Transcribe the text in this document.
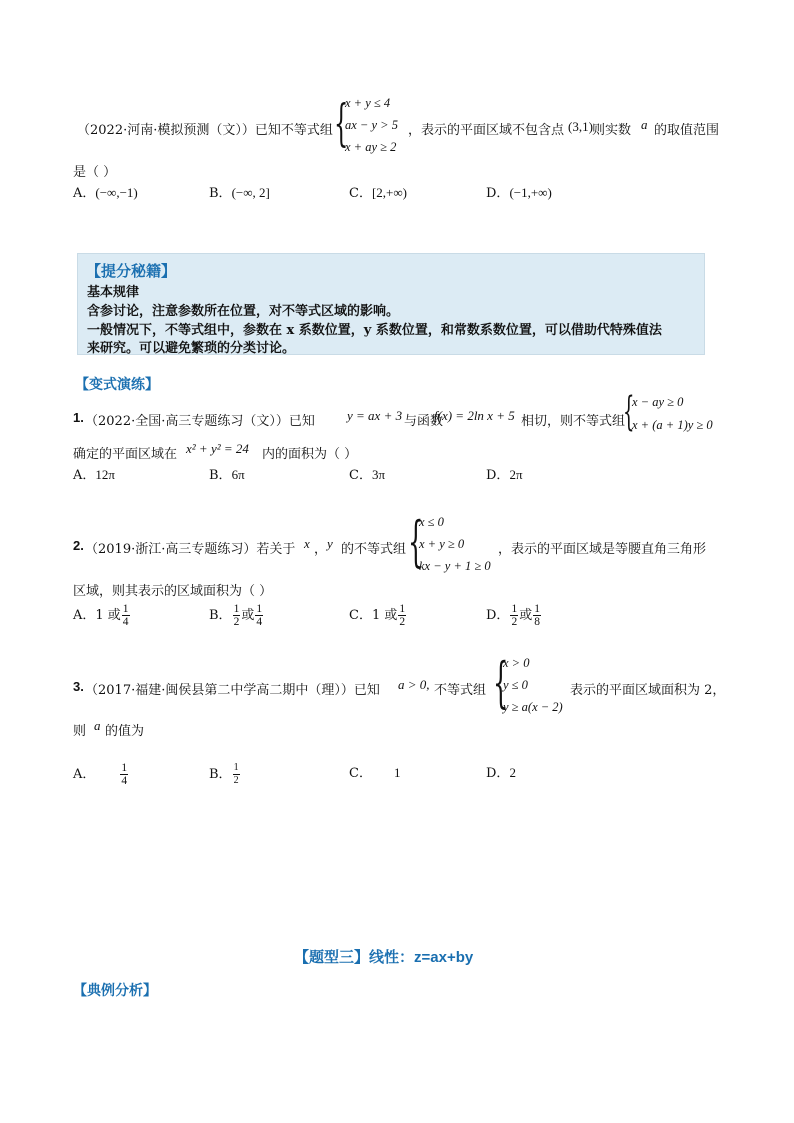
（2022·河南·模拟预测（文））已知不等式组 {
x + y ≤ 4
ax − y > 5
x + ay ≥ 2
，表示的平面区域不包含点 (3,1) 则实数 a 的取值范围
是（ ）
A．(−∞,−1)	B．(−∞, 2]	C．[2,+∞)	D．(−1,+∞)
【提分秘籍】
基本规律
含参讨论，注意参数所在位置，对不等式区域的影响。
一般情况下，不等式组中，参数在 x 系数位置，y 系数位置，和常数系数位置，可以借助代特殊值法
来研究。可以避免繁琐的分类讨论。
【变式演练】
1. （2022·全国·高三专题练习（文））已知 y = ax + 3 与函数
f(x) = 2ln x + 5 相切，则不等式组
{
x − ay ≥ 0
x + (a + 1)y ≥ 0
确定的平面区域在 x² + y² = 24 内的面积为（ ）
A．12π	B．6π	C．3π	D．2π
2. （2019·浙江·高三专题练习）若关于 x ， y 的不等式组 {
x ≤ 0
x + y ≥ 0
kx − y + 1 ≥ 0
，表示的平面区域是等腰直角三角形
区域，则其表示的区域面积为（ ）
A．1 或 $\frac{1}{4}$	B． $\frac{1}{2}$ 或 $\frac{1}{4}$	C．1 或 $\frac{1}{2}$	D． $\frac{1}{2}$ 或 $\frac{1}{8}$
3. （2017·福建·闽侯县第二中学高二期中（理））已知 a > 0, 不等式组 {
x > 0
y ≤ 0
y ≥ a(x − 2)
表示的平面区域面积为 2，
则 a 的值为
A． $\frac{1}{4}$	B． $\frac{1}{2}$	C． 1	D．2
【题型三】线性：z=ax+by
【典例分析】
